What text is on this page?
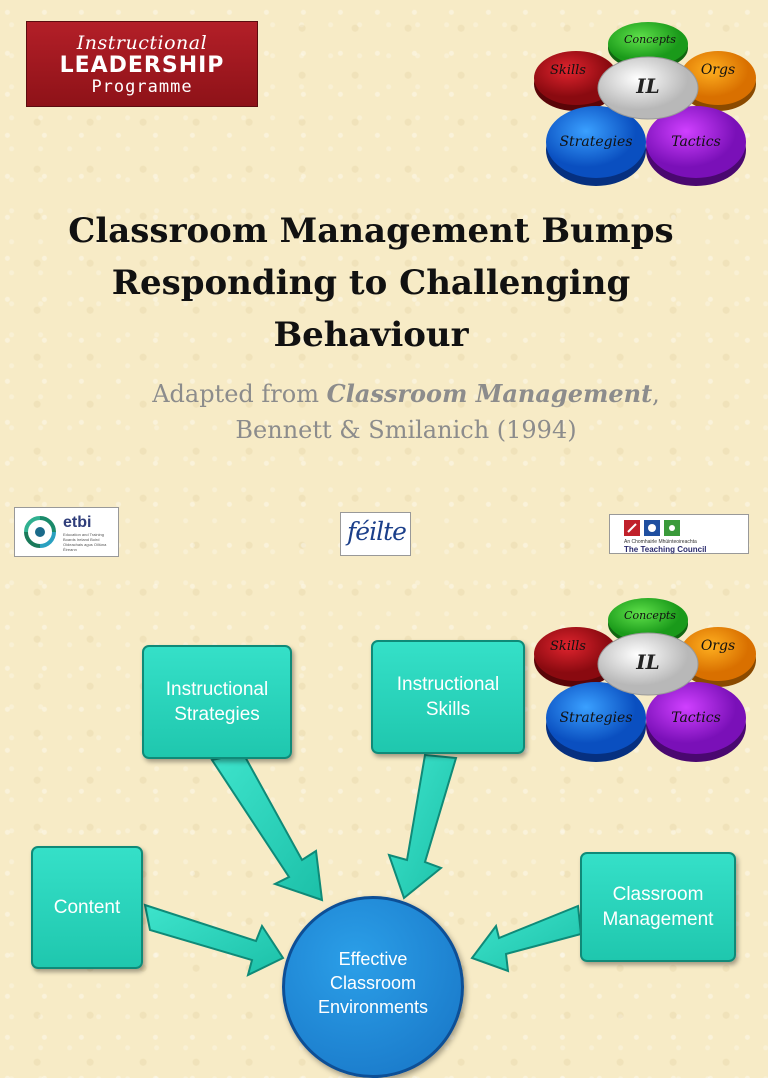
Instructional
LEADERSHIP
Programme	IL
Concepts
Skills	Orgs
Strategies	Tactics
Classroom Management Bumps
Responding to Challenging
Behaviour
Adapted from Classroom Management,
Bennett & Smilanich (1994)
etbi
Education and Training Boards Ireland Boird Oideachais agus Oiliúna Éireann
féilte	An Chomhairle Mhúinteoireachta
The Teaching Council
Instructional
Strategies
Instructional
Skills
Content
Classroom
Management
Effective
Classroom
Environments
IL
Concepts
Skills	Orgs
Strategies	Tactics
